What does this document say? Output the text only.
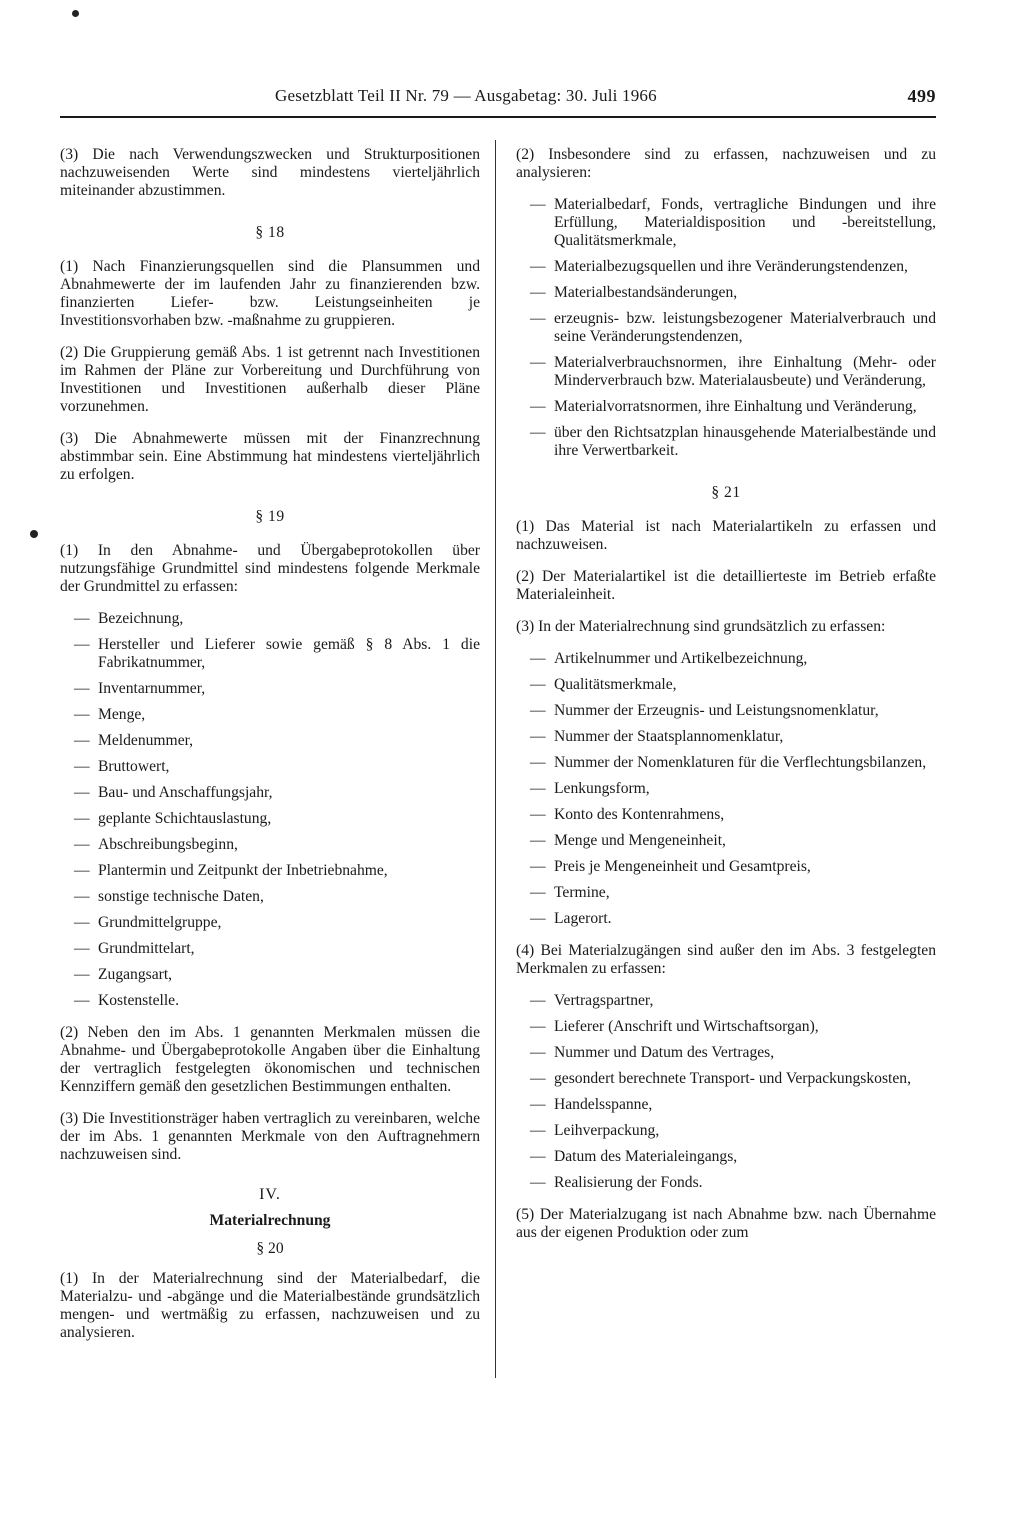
Gesetzblatt Teil II Nr. 79 — Ausgabetag: 30. Juli 1966	499

(3) Die nach Verwendungszwecken und Strukturpositionen nachzuweisenden Werte sind mindestens vierteljährlich miteinander abzustimmen.

§ 18

(1) Nach Finanzierungsquellen sind die Plansummen und Abnahmewerte der im laufenden Jahr zu finanzierenden bzw. finanzierten Liefer- bzw. Leistungseinheiten je Investitionsvorhaben bzw. -maßnahme zu gruppieren.

(2) Die Gruppierung gemäß Abs. 1 ist getrennt nach Investitionen im Rahmen der Pläne zur Vorbereitung und Durchführung von Investitionen und Investitionen außerhalb dieser Pläne vorzunehmen.

(3) Die Abnahmewerte müssen mit der Finanzrechnung abstimmbar sein. Eine Abstimmung hat mindestens vierteljährlich zu erfolgen.

§ 19

(1) In den Abnahme- und Übergabeprotokollen über nutzungsfähige Grundmittel sind mindestens folgende Merkmale der Grundmittel zu erfassen:

— Bezeichnung,
— Hersteller und Lieferer sowie gemäß § 8 Abs. 1 die Fabrikatnummer,
— Inventarnummer,
— Menge,
— Meldenummer,
— Bruttowert,
— Bau- und Anschaffungsjahr,
— geplante Schichtauslastung,
— Abschreibungsbeginn,
— Plantermin und Zeitpunkt der Inbetriebnahme,
— sonstige technische Daten,
— Grundmittelgruppe,
— Grundmittelart,
— Zugangsart,
— Kostenstelle.

(2) Neben den im Abs. 1 genannten Merkmalen müssen die Abnahme- und Übergabeprotokolle Angaben über die Einhaltung der vertraglich festgelegten ökonomischen und technischen Kennziffern gemäß den gesetzlichen Bestimmungen enthalten.

(3) Die Investitionsträger haben vertraglich zu vereinbaren, welche der im Abs. 1 genannten Merkmale von den Auftragnehmern nachzuweisen sind.

IV.
Materialrechnung
§ 20

(1) In der Materialrechnung sind der Materialbedarf, die Materialzu- und -abgänge und die Materialbestände grundsätzlich mengen- und wertmäßig zu erfassen, nachzuweisen und zu analysieren.

(2) Insbesondere sind zu erfassen, nachzuweisen und zu analysieren:

— Materialbedarf, Fonds, vertragliche Bindungen und ihre Erfüllung, Materialdisposition und -bereitstellung, Qualitätsmerkmale,
— Materialbezugsquellen und ihre Veränderungstendenzen,
— Materialbestandsänderungen,
— erzeugnis- bzw. leistungsbezogener Materialverbrauch und seine Veränderungstendenzen,
— Materialverbrauchsnormen, ihre Einhaltung (Mehr- oder Minderverbrauch bzw. Materialausbeute) und Veränderung,
— Materialvorratsnormen, ihre Einhaltung und Veränderung,
— über den Richtsatzplan hinausgehende Materialbestände und ihre Verwertbarkeit.
§ 21

(1) Das Material ist nach Materialartikeln zu erfassen und nachzuweisen.

(2) Der Materialartikel ist die detaillierteste im Betrieb erfaßte Materialeinheit.

(3) In der Materialrechnung sind grundsätzlich zu erfassen:

— Artikelnummer und Artikelbezeichnung,
— Qualitätsmerkmale,
— Nummer der Erzeugnis- und Leistungsnomenklatur,
— Nummer der Staatsplannomenklatur,
— Nummer der Nomenklaturen für die Verflechtungsbilanzen,
— Lenkungsform,
— Konto des Kontenrahmens,
— Menge und Mengeneinheit,
— Preis je Mengeneinheit und Gesamtpreis,
— Termine,
— Lagerort.

(4) Bei Materialzugängen sind außer den im Abs. 3 festgelegten Merkmalen zu erfassen:

— Vertragspartner,
— Lieferer (Anschrift und Wirtschaftsorgan),
— Nummer und Datum des Vertrages,
— gesondert berechnete Transport- und Verpackungskosten,
— Handelsspanne,
— Leihverpackung,
— Datum des Materialeingangs,
— Realisierung der Fonds.

(5) Der Materialzugang ist nach Abnahme bzw. nach Übernahme aus der eigenen Produktion oder zum
